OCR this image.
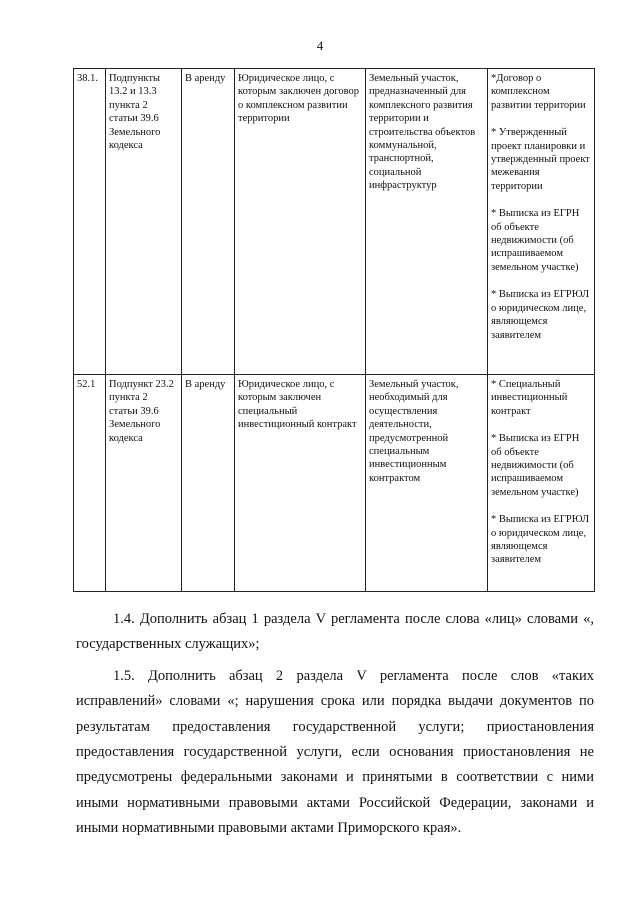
4
38.1.	Подпункты 13.2 и 13.3 пункта 2 статьи 39.6 Земельного кодекса	В аренду	Юридическое лицо, с которым заключен договор о комплексном развитии территории	Земельный участок, предназначенный для комплексного развития территории и строительства объектов коммунальной, транспортной, социальной инфраструктур	*Договор о комплексном развитии территории
* Утвержденный проект планировки и утвержденный проект межевания территории
* Выписка из ЕГРН об объекте недвижимости (об испрашиваемом земельном участке)
* Выписка из ЕГРЮЛ о юридическом лице, являющемся заявителем

52.1	Подпункт 23.2 пункта 2 статьи 39.6 Земельного кодекса	В аренду	Юридическое лицо, с которым заключен специальный инвестиционный контракт	Земельный участок, необходимый для осуществления деятельности, предусмотренной специальным инвестиционным контрактом	* Специальный инвестиционный контракт
* Выписка из ЕГРН об объекте недвижимости (об испрашиваемом земельном участке)
* Выписка из ЕГРЮЛ о юридическом лице, являющемся заявителем

1.4. Дополнить абзац 1 раздела V регламента после слова «лиц» словами «, государственных служащих»;

1.5. Дополнить абзац 2 раздела V регламента после слов «таких исправлений» словами «; нарушения срока или порядка выдачи документов по результатам предоставления государственной услуги; приостановления предоставления государственной услуги, если основания приостановления не предусмотрены федеральными законами и принятыми в соответствии с ними иными нормативными правовыми актами Российской Федерации, законами и иными нормативными правовыми актами Приморского края».
